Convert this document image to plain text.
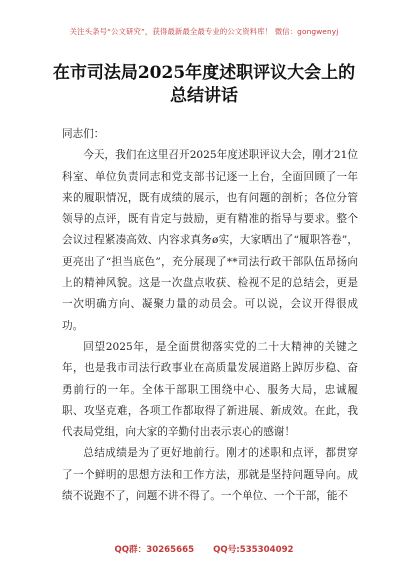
关注头条号“公文研究”，获得最新最全最专业的公文资料库！ 微信：gongwenyj
在市司法局2025年度述职评议大会上的
总结讲话

同志们：

今天，我们在这里召开2025年度述职评议大会，刚才21位科室、单位负责同志和党支部书记逐一上台，全面回顾了一年来的履职情况，既有成绩的展示，也有问题的剖析；各位分管领导的点评，既有肯定与鼓励，更有精准的指导与要求。整个会议过程紧凑高效、内容求真务ø实，大家晒出了“履职答卷”，更亮出了“担当底色”，充分展现了**司法行政干部队伍昂扬向上的精神风貌。这是一次盘点收获、检视不足的总结会，更是一次明确方向、凝聚力量的动员会。可以说，会议开得很成功。

回望2025年，是全面贯彻落实党的二十大精神的关键之年，也是我市司法行政事业在高质量发展道路上踔厉步稳、奋勇前行的一年。全体干部职工围绕中心、服务大局，忠诚履职、攻坚克难，各项工作都取得了新进展、新成效。在此，我代表局党组，向大家的辛勤付出表示衷心的感谢！

总结成绩是为了更好地前行。刚才的述职和点评，都贯穿了一个鲜明的思想方法和工作方法，那就是坚持问题导向。成绩不说跑不了，问题不讲不得了。一个单位、一个干部，能不

QQ群：30265665 QQ号:535304092
